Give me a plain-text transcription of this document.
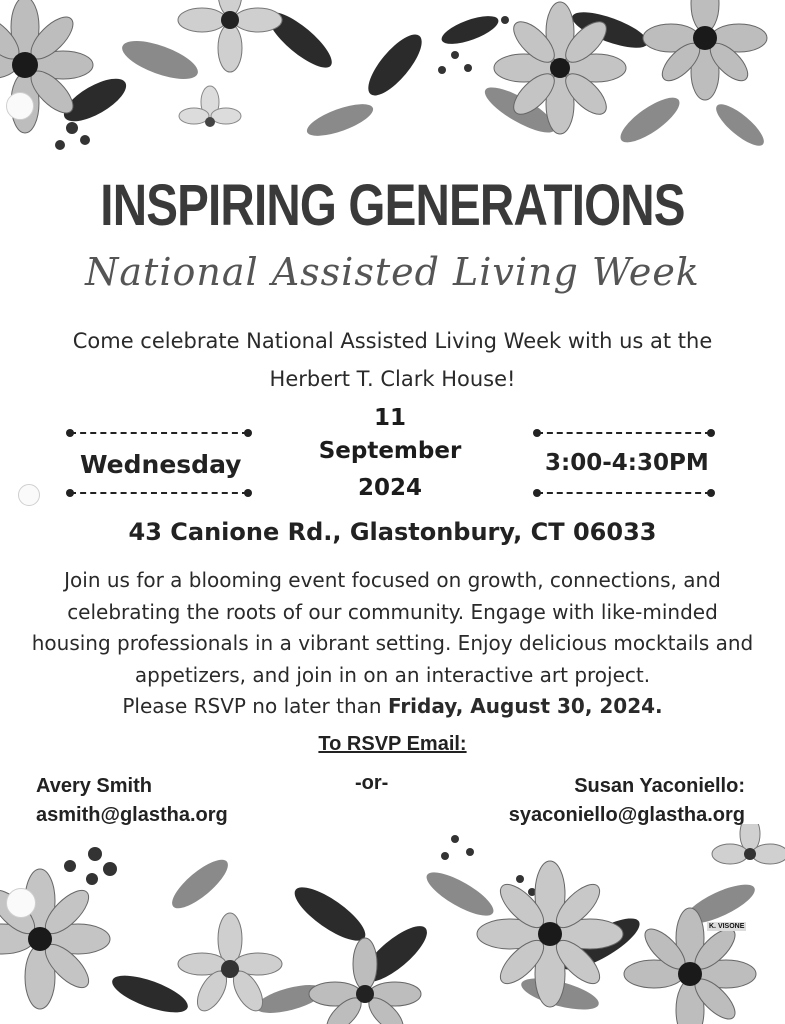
INSPIRING GENERATIONS
National Assisted Living Week
Come celebrate National Assisted Living Week with us at the Herbert T. Clark House!
Wednesday
11
September
2024
3:00-4:30PM
43 Canione Rd., Glastonbury, CT 06033
Join us for a blooming event focused on growth, connections, and celebrating the roots of our community. Engage with like-minded housing professionals in a vibrant setting. Enjoy delicious mocktails and appetizers, and join in on an interactive art project.
Please RSVP no later than Friday, August 30, 2024.
To RSVP Email:
Avery Smith
asmith@glastha.org
-or-	Susan Yaconiello:
syaconiello@glastha.org
K. VISONE
